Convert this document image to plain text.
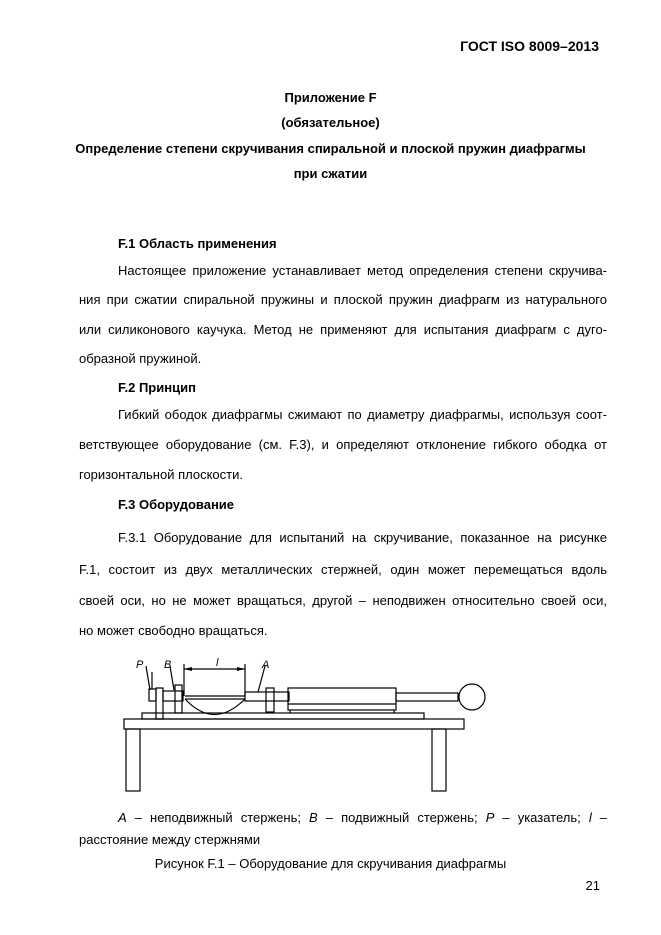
ГОСТ ISO 8009–2013
Приложение F
(обязательное)
Определение степени скручивания спиральной и плоской пружин диафрагмы
при сжатии
F.1 Область применения
Настоящее приложение устанавливает метод определения степени скручива-
ния при сжатии спиральной пружины и плоской пружин диафрагм из натурального
или силиконового каучука. Метод не применяют для испытания диафрагм с дуго-
образной пружиной.
F.2 Принцип
Гибкий ободок диафрагмы сжимают по диаметру диафрагмы, используя соот-
ветствующее оборудование (см. F.3), и определяют отклонение гибкого ободка от
горизонтальной плоскости.
F.3 Оборудование
F.3.1 Оборудование для испытаний на скручивание, показанное на рисунке
F.1, состоит из двух металлических стержней, один может перемещаться вдоль
своей оси, но не может вращаться, другой – неподвижен относительно своей оси,
но может свободно вращаться.
P B	l	A
A – неподвижный стержень; B – подвижный стержень; P – указатель; l –
расстояние между стержнями
Рисунок F.1 – Оборудование для скручивания диафрагмы
21
